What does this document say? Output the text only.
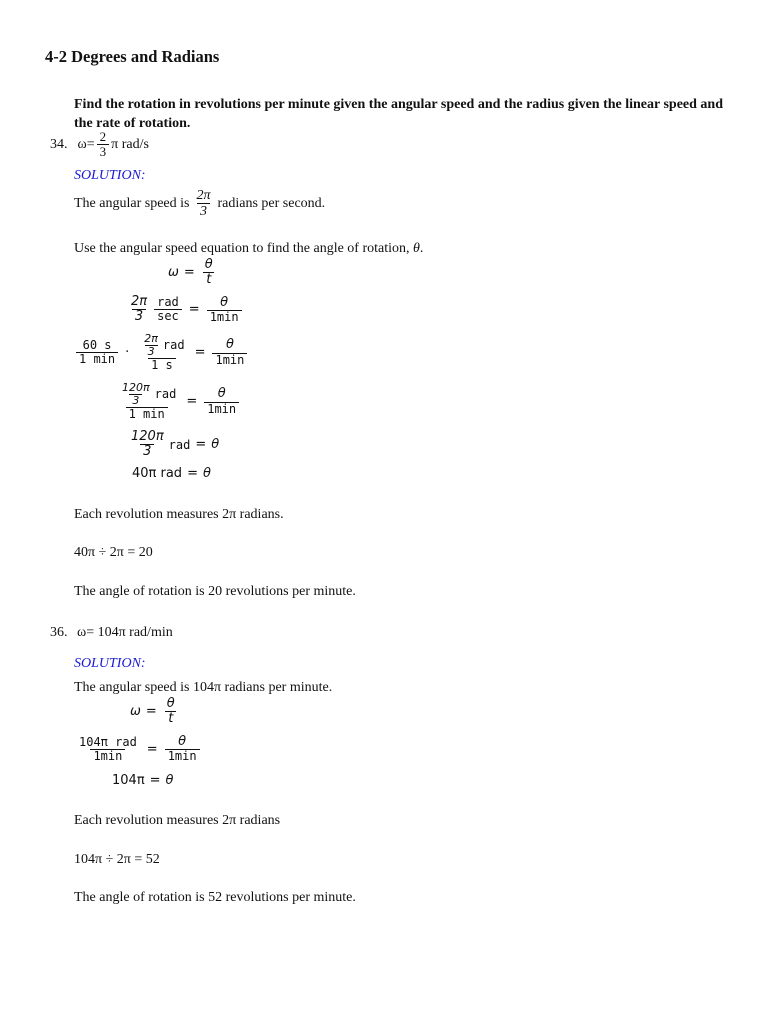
4-2 Degrees and Radians
Find the rotation in revolutions per minute given the angular speed and the radius given the linear speed and the rate of rotation.
34. $\omega= \frac{2}{3}$ π rad/s
SOLUTION:
The angular speed is $\frac{2\pi}{3}$ radians per second.
Use the angular speed equation to find the angle of rotation, θ.
$\omega = \frac{\theta}{t}$
$\frac{2\pi}{3} \frac{\text{rad}}{\sec} = \frac{\theta}{1\min}$
$\frac{60 s}{1 \min} \cdot \frac{\frac{2\pi}{3} rad}{1 s} = \frac{\theta}{1\min}$
$\frac{\frac{120\pi}{3} rad}{1 \min} = \frac{\theta}{1\min}$
$\frac{120\pi}{3}$ rad = θ
40π rad = θ
Each revolution measures 2π radians.
40π ÷ 2π = 20
The angle of rotation is 20 revolutions per minute.
36. ω= 104π rad/min
SOLUTION:
The angular speed is 104π radians per minute.
$\omega = \frac{\theta}{t}$
$\frac{\text{104π rad}}{1\min} = \frac{\theta}{1\min}$
104π = θ
Each revolution measures 2π radians
104π ÷ 2π = 52
The angle of rotation is 52 revolutions per minute.
